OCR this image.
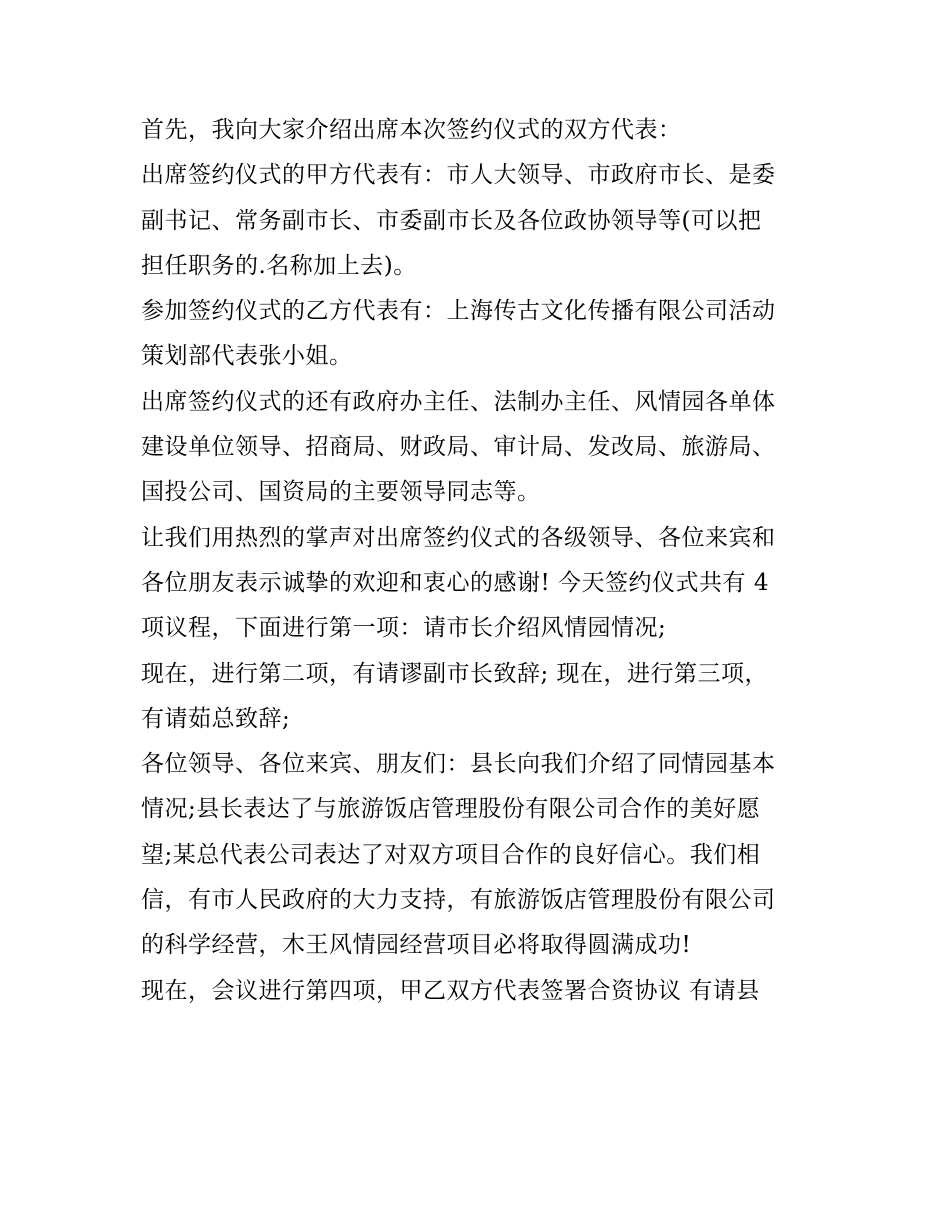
首先，我向大家介绍出席本次签约仪式的双方代表：
出席签约仪式的甲方代表有：市人大领导、市政府市长、是委
副书记、常务副市长、市委副市长及各位政协领导等(可以把
担任职务的.名称加上去)。
参加签约仪式的乙方代表有：上海传古文化传播有限公司活动
策划部代表张小姐。
出席签约仪式的还有政府办主任、法制办主任、风情园各单体
建设单位领导、招商局、财政局、审计局、发改局、旅游局、
国投公司、国资局的主要领导同志等。
让我们用热烈的掌声对出席签约仪式的各级领导、各位来宾和
各位朋友表示诚挚的欢迎和衷心的感谢! 今天签约仪式共有 4
项议程，下面进行第一项：请市长介绍风情园情况;
现在，进行第二项，有请谬副市长致辞; 现在，进行第三项，
有请茹总致辞;
各位领导、各位来宾、朋友们：县长向我们介绍了同情园基本
情况;县长表达了与旅游饭店管理股份有限公司合作的美好愿
望;某总代表公司表达了对双方项目合作的良好信心。我们相
信，有市人民政府的大力支持，有旅游饭店管理股份有限公司
的科学经营，木王风情园经营项目必将取得圆满成功!
现在，会议进行第四项，甲乙双方代表签署合资协议 有请县
